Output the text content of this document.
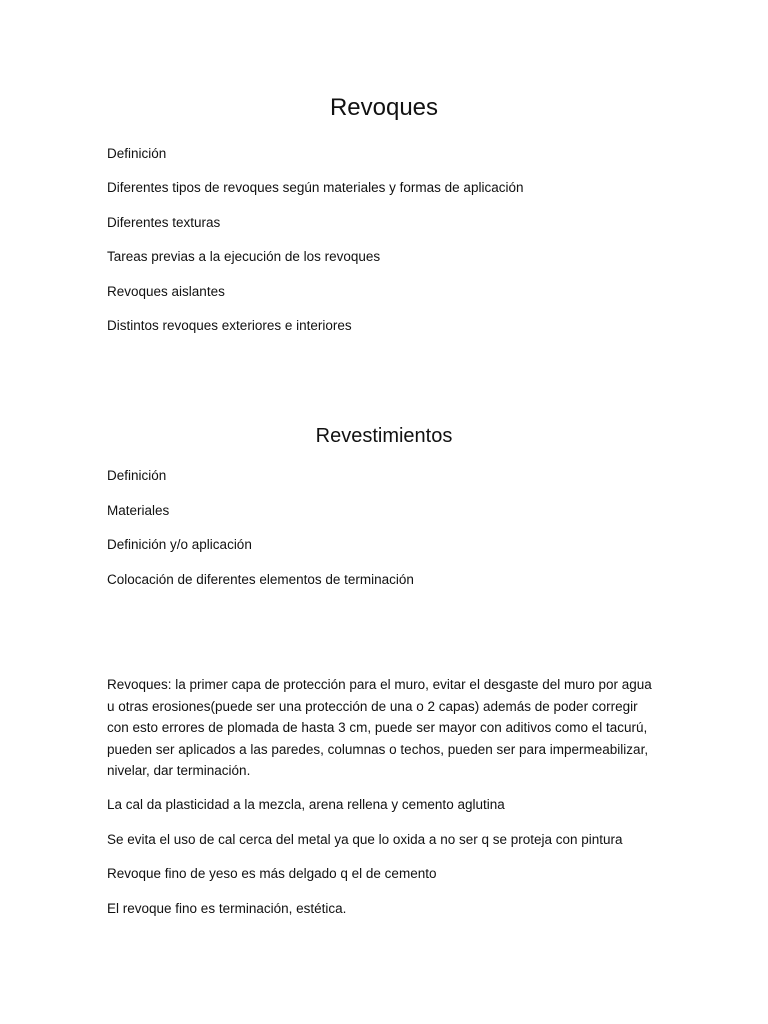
Revoques

Definición

Diferentes tipos de revoques según materiales y formas de aplicación

Diferentes texturas

Tareas previas a la ejecución de los revoques

Revoques aislantes

Distintos revoques exteriores e interiores

Revestimientos

Definición

Materiales

Definición y/o aplicación

Colocación de diferentes elementos de terminación

Revoques: la primer capa de protección para el muro, evitar el desgaste del muro por agua u otras erosiones(puede ser una protección de una o 2 capas) además de poder corregir con esto errores de plomada de hasta 3 cm, puede ser mayor con aditivos como el tacurú, pueden ser aplicados a las paredes, columnas o techos, pueden ser para impermeabilizar, nivelar, dar terminación.

La cal da plasticidad a la mezcla, arena rellena y cemento aglutina

Se evita el uso de cal cerca del metal ya que lo oxida a no ser q se proteja con pintura

Revoque fino de yeso es más delgado q el de cemento

El revoque fino es terminación, estética.
